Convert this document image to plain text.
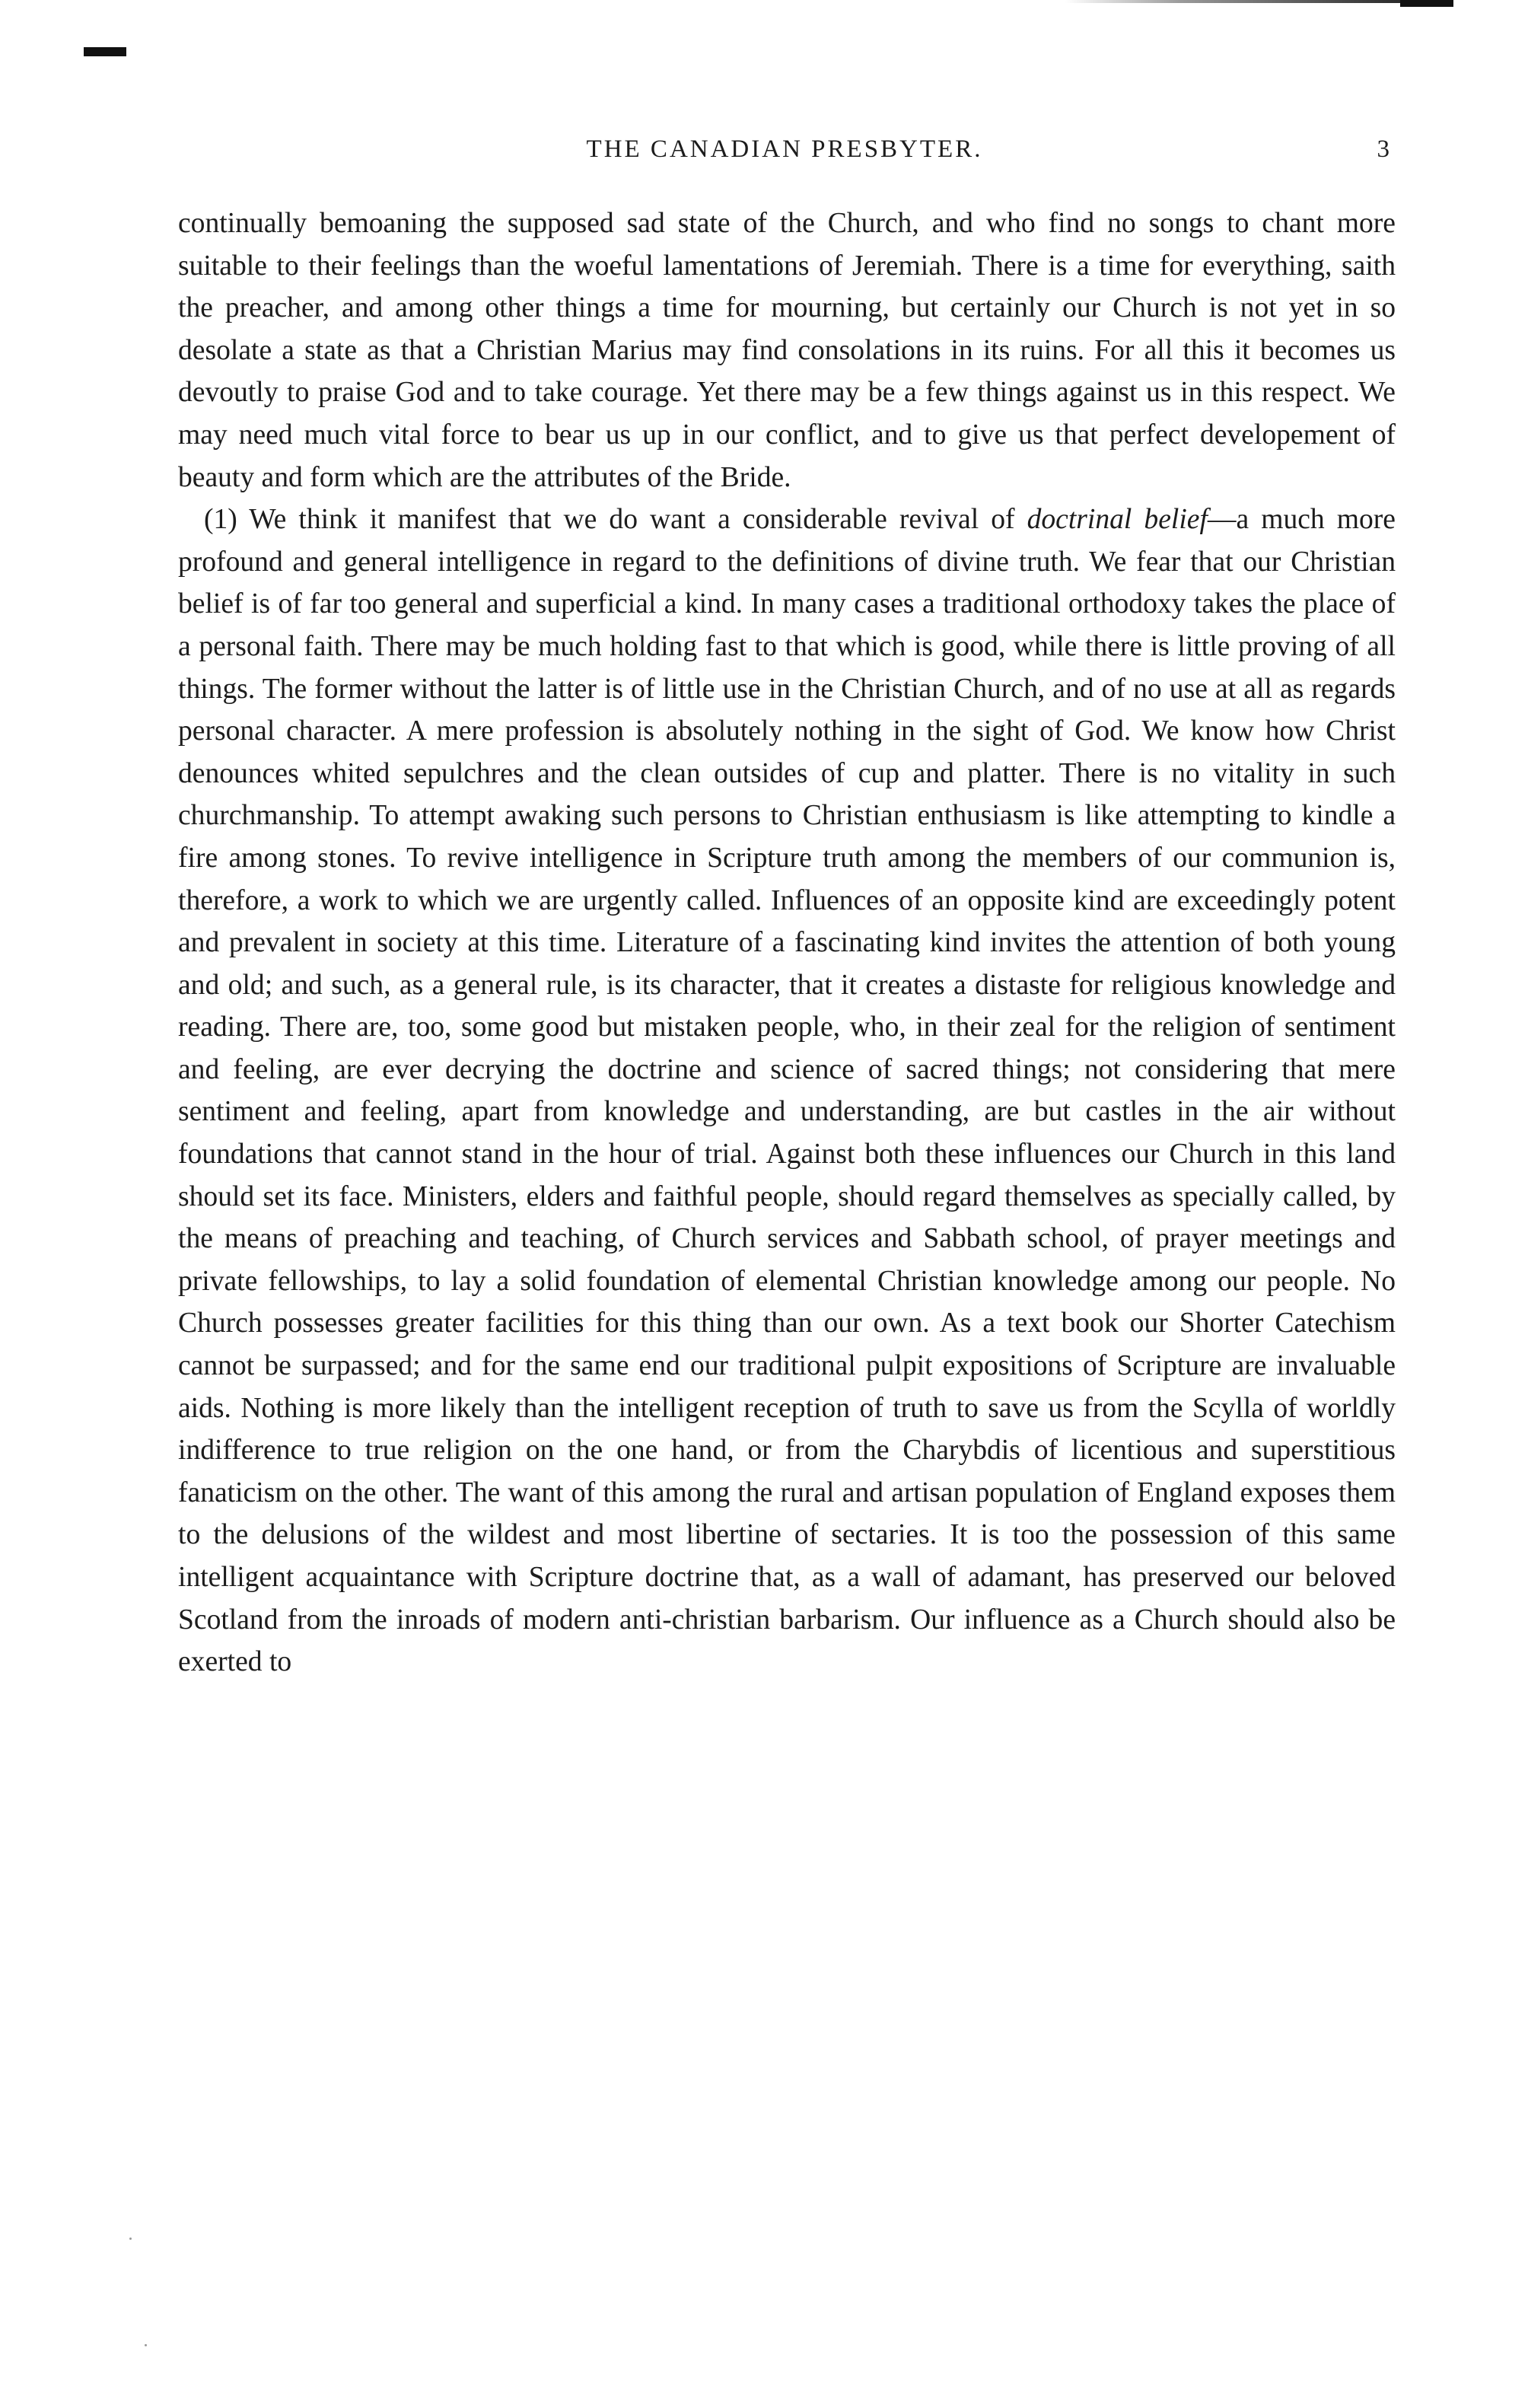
THE CANADIAN PRESBYTER.	3

continually bemoaning the supposed sad state of the Church, and who find no songs to chant more suitable to their feelings than the woeful lamentations of Jeremiah. There is a time for everything, saith the preacher, and among other things a time for mourning, but certainly our Church is not yet in so desolate a state as that a Christian Marius may find consolations in its ruins. For all this it becomes us devoutly to praise God and to take courage. Yet there may be a few things against us in this respect. We may need much vital force to bear us up in our conflict, and to give us that perfect developement of beauty and form which are the attributes of the Bride.

(1) We think it manifest that we do want a considerable revival of doctrinal belief—a much more profound and general intelligence in regard to the definitions of divine truth. We fear that our Christian belief is of far too general and superficial a kind. In many cases a traditional orthodoxy takes the place of a personal faith. There may be much holding fast to that which is good, while there is little proving of all things. The former without the latter is of little use in the Christian Church, and of no use at all as regards personal character. A mere profession is absolutely nothing in the sight of God. We know how Christ denounces whited sepulchres and the clean outsides of cup and platter. There is no vitality in such churchmanship. To attempt awaking such persons to Christian enthusiasm is like attempting to kindle a fire among stones. To revive intelligence in Scripture truth among the members of our communion is, therefore, a work to which we are urgently called. Influences of an opposite kind are exceedingly potent and prevalent in society at this time. Literature of a fascinating kind invites the attention of both young and old; and such, as a general rule, is its character, that it creates a distaste for religious knowledge and reading. There are, too, some good but mistaken people, who, in their zeal for the religion of sentiment and feeling, are ever decrying the doctrine and science of sacred things; not considering that mere sentiment and feeling, apart from knowledge and understanding, are but castles in the air without foundations that cannot stand in the hour of trial. Against both these influences our Church in this land should set its face. Ministers, elders and faithful people, should regard themselves as specially called, by the means of preaching and teaching, of Church services and Sabbath school, of prayer meetings and private fellowships, to lay a solid foundation of elemental Christian knowledge among our people. No Church possesses greater facilities for this thing than our own. As a text book our Shorter Catechism cannot be surpassed; and for the same end our traditional pulpit expositions of Scripture are invaluable aids. Nothing is more likely than the intelligent reception of truth to save us from the Scylla of worldly indifference to true religion on the one hand, or from the Charybdis of licentious and superstitious fanaticism on the other. The want of this among the rural and artisan population of England exposes them to the delusions of the wildest and most libertine of sectaries. It is too the possession of this same intelligent acquaintance with Scripture doctrine that, as a wall of adamant, has preserved our beloved Scotland from the inroads of modern anti-christian barbarism. Our influence as a Church should also be exerted to
